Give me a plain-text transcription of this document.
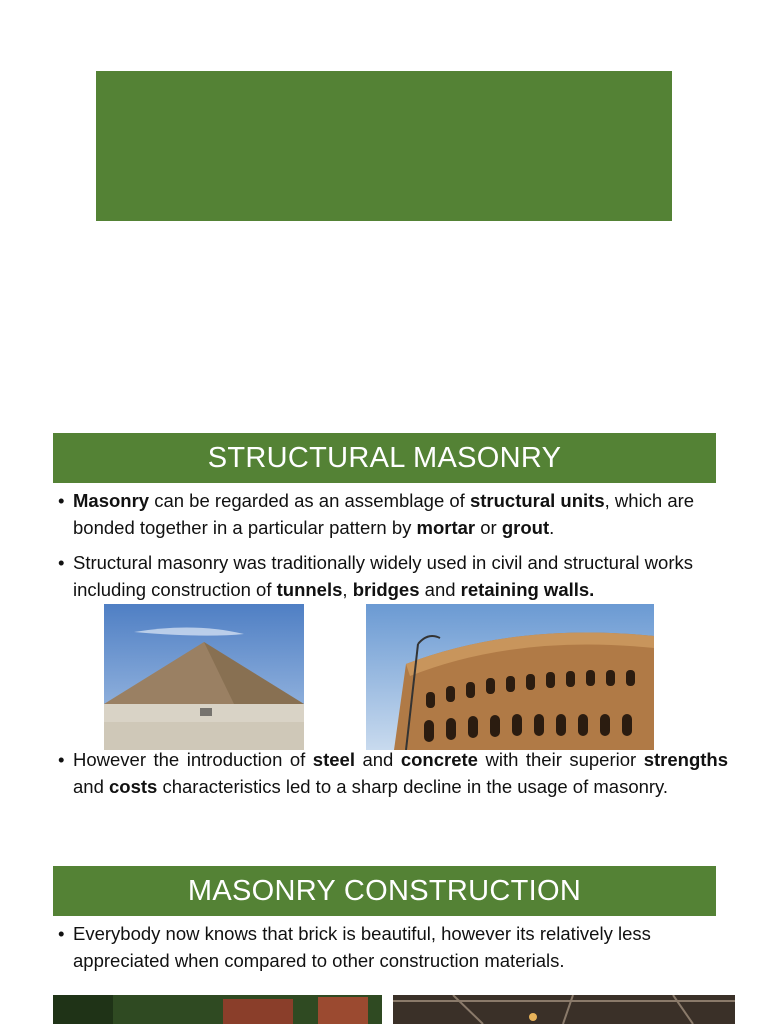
STRUCTURAL MASONRY
• Masonry can be regarded as an assemblage of structural units, which are bonded together in a particular pattern by mortar or grout.
• Structural masonry was traditionally widely used in civil and structural works including construction of tunnels, bridges and retaining walls.
• However the introduction of steel and concrete with their superior strengths and costs characteristics led to a sharp decline in the usage of masonry.
MASONRY CONSTRUCTION
• Everybody now knows that brick is beautiful, however its relatively less appreciated when compared to other construction materials.
